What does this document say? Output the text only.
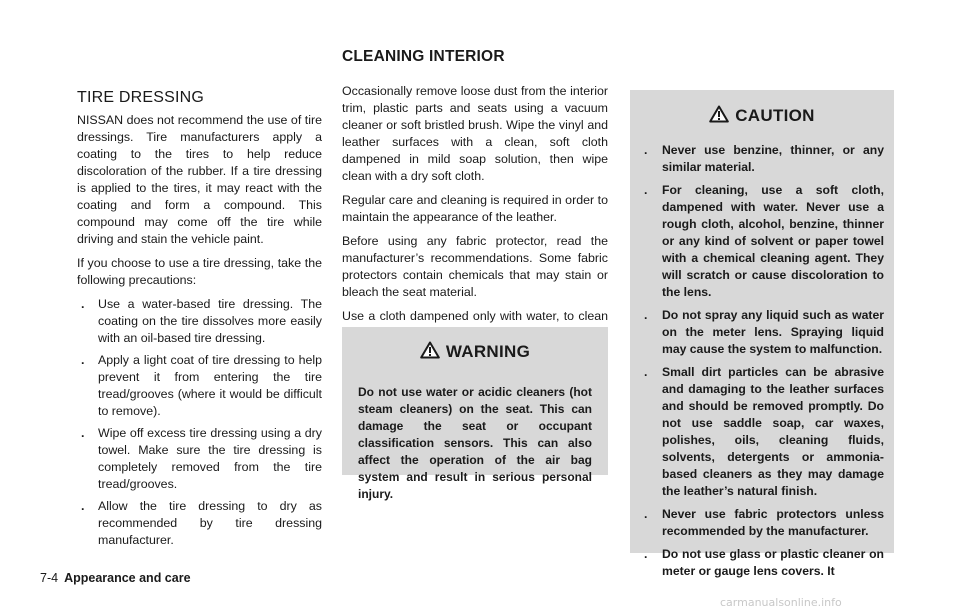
CLEANING INTERIOR
TIRE DRESSING

NISSAN does not recommend the use of tire dressings. Tire manufacturers apply a coating to the tires to help reduce discoloration of the rubber. If a tire dressing is applied to the tires, it may react with the coating and form a compound. This compound may come off the tire while driving and stain the vehicle paint.

If you choose to use a tire dressing, take the following precautions:

. Use a water-based tire dressing. The coating on the tire dissolves more easily with an oil-based tire dressing.
. Apply a light coat of tire dressing to help prevent it from entering the tire tread/grooves (where it would be difficult to remove).
. Wipe off excess tire dressing using a dry towel. Make sure the tire dressing is completely removed from the tire tread/grooves.
. Allow the tire dressing to dry as recommended by tire dressing manufacturer.

Occasionally remove loose dust from the interior trim, plastic parts and seats using a vacuum cleaner or soft bristled brush. Wipe the vinyl and leather surfaces with a clean, soft cloth dampened in mild soap solution, then wipe clean with a dry soft cloth.

Regular care and cleaning is required in order to maintain the appearance of the leather.

Before using any fabric protector, read the manufacturer’s recommendations. Some fabric protectors contain chemicals that may stain or bleach the seat material.

Use a cloth dampened only with water, to clean

WARNING
Do not use water or acidic cleaners (hot steam cleaners) on the seat. This can damage the seat or occupant classification sensors. This can also affect the operation of the air bag system and result in serious personal injury.
CAUTION
. Never use benzine, thinner, or any similar material.
. For cleaning, use a soft cloth, dampened with water. Never use a rough cloth, alcohol, benzine, thinner or any kind of solvent or paper towel with a chemical cleaning agent. They will scratch or cause discoloration to the lens.
. Do not spray any liquid such as water on the meter lens. Spraying liquid may cause the system to malfunction.
. Small dirt particles can be abrasive and damaging to the leather surfaces and should be removed promptly. Do not use saddle soap, car waxes, polishes, oils, cleaning fluids, solvents, detergents or ammonia-based cleaners as they may damage the leather’s natural finish.
. Never use fabric protectors unless recommended by the manufacturer.
. Do not use glass or plastic cleaner on meter or gauge lens covers. It
7-4 Appearance and care
carmanualsonline.info
